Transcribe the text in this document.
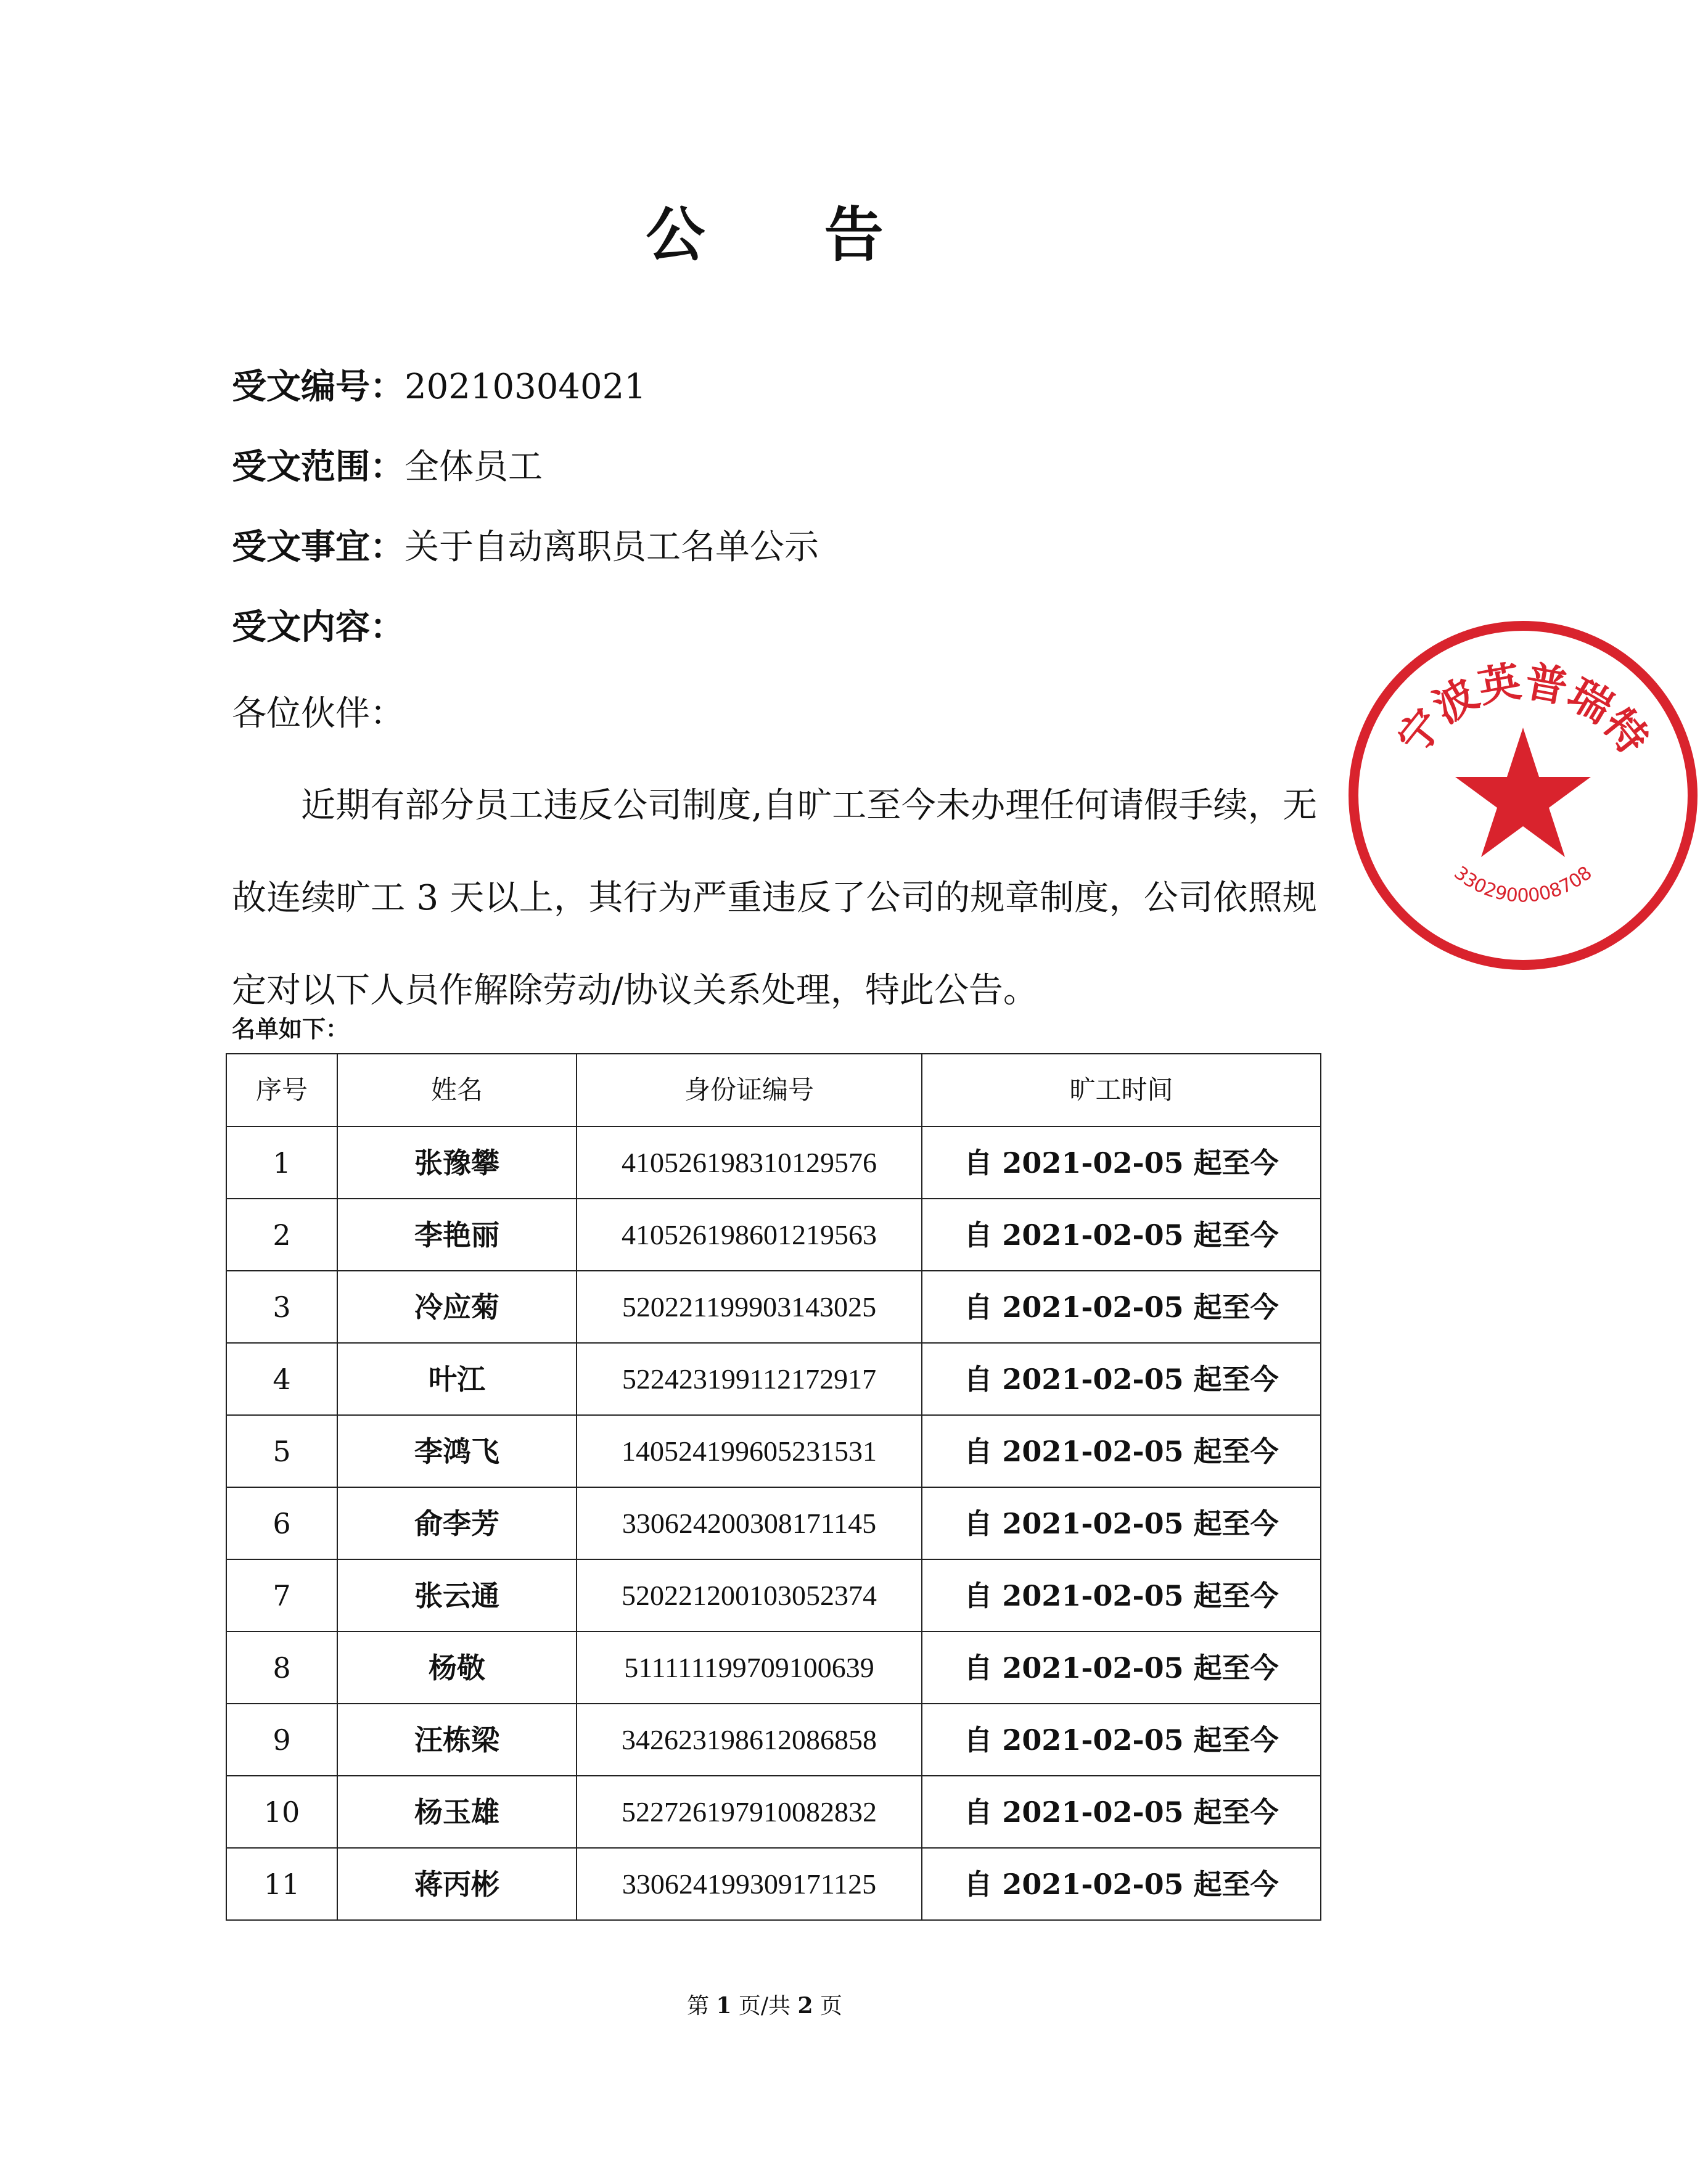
公 告
受文编号：20210304021
受文范围：全体员工
受文事宜：关于自动离职员工名单公示
受文内容：
各位伙伴：
近期有部分员工违反公司制度,自旷工至今未办理任何请假手续，无故连续旷工 3 天以上，其行为严重违反了公司的规章制度，公司依照规定对以下人员作解除劳动/协议关系处理，特此公告。
名单如下：
序号	姓名	身份证编号	旷工时间
1	张豫攀	410526198310129576	自 2021-02-05 起至今
2	李艳丽	410526198601219563	自 2021-02-05 起至今
3	冷应菊	520221199903143025	自 2021-02-05 起至今
4	叶江	522423199112172917	自 2021-02-05 起至今
5	李鸿飞	140524199605231531	自 2021-02-05 起至今
6	俞李芳	330624200308171145	自 2021-02-05 起至今
7	张云通	520221200103052374	自 2021-02-05 起至今
8	杨敬	511111199709100639	自 2021-02-05 起至今
9	汪栋梁	342623198612086858	自 2021-02-05 起至今
10	杨玉雄	522726197910082832	自 2021-02-05 起至今
11	蒋丙彬	330624199309171125	自 2021-02-05 起至今
第 1 页/共 2 页
宁波英普瑞特
3302900008708
